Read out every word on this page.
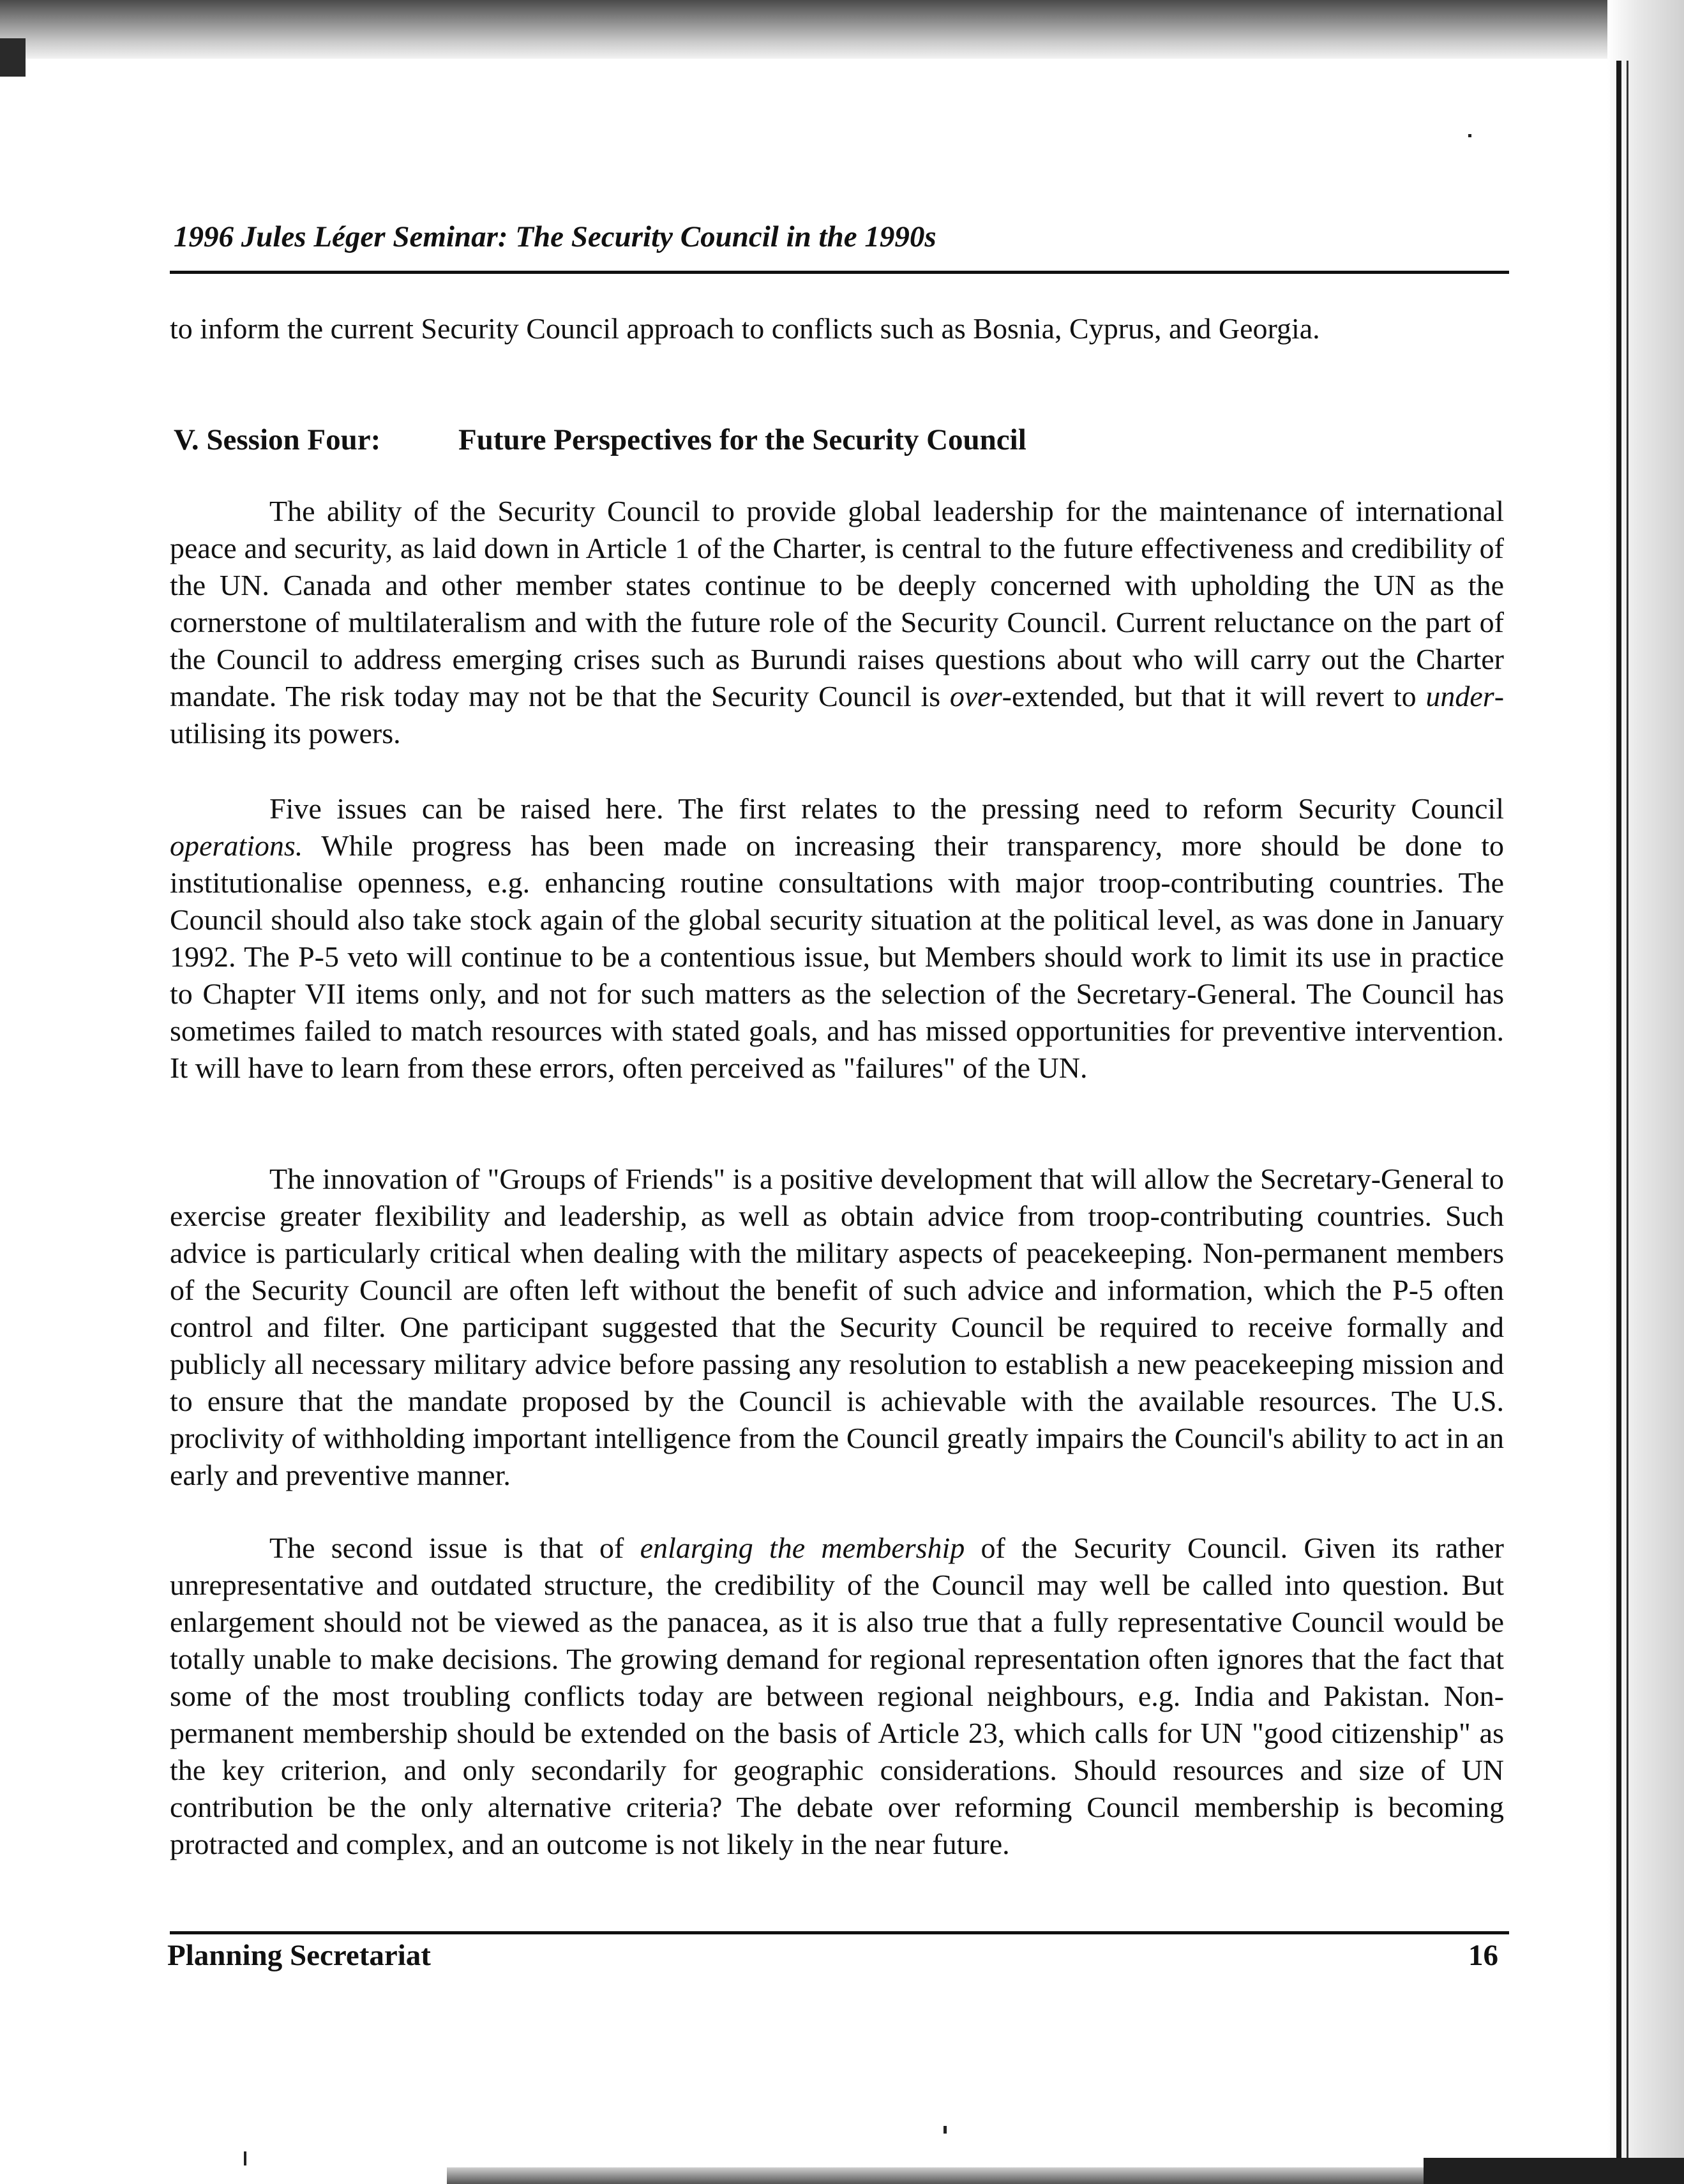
1996 Jules Léger Seminar: The Security Council in the 1990s

to inform the current Security Council approach to conflicts such as Bosnia, Cyprus, and Georgia.

V. Session Four:	Future Perspectives for the Security Council

The ability of the Security Council to provide global leadership for the maintenance of international peace and security, as laid down in Article 1 of the Charter, is central to the future effectiveness and credibility of the UN. Canada and other member states continue to be deeply concerned with upholding the UN as the cornerstone of multilateralism and with the future role of the Security Council. Current reluctance on the part of the Council to address emerging crises such as Burundi raises questions about who will carry out the Charter mandate. The risk today may not be that the Security Council is over-extended, but that it will revert to under-utilising its powers.

Five issues can be raised here. The first relates to the pressing need to reform Security Council operations. While progress has been made on increasing their transparency, more should be done to institutionalise openness, e.g. enhancing routine consultations with major troop-contributing countries. The Council should also take stock again of the global security situation at the political level, as was done in January 1992. The P-5 veto will continue to be a contentious issue, but Members should work to limit its use in practice to Chapter VII items only, and not for such matters as the selection of the Secretary-General. The Council has sometimes failed to match resources with stated goals, and has missed opportunities for preventive intervention. It will have to learn from these errors, often perceived as "failures" of the UN.

The innovation of "Groups of Friends" is a positive development that will allow the Secretary-General to exercise greater flexibility and leadership, as well as obtain advice from troop-contributing countries. Such advice is particularly critical when dealing with the military aspects of peacekeeping. Non-permanent members of the Security Council are often left without the benefit of such advice and information, which the P-5 often control and filter. One participant suggested that the Security Council be required to receive formally and publicly all necessary military advice before passing any resolution to establish a new peacekeeping mission and to ensure that the mandate proposed by the Council is achievable with the available resources. The U.S. proclivity of withholding important intelligence from the Council greatly impairs the Council's ability to act in an early and preventive manner.

The second issue is that of enlarging the membership of the Security Council. Given its rather unrepresentative and outdated structure, the credibility of the Council may well be called into question. But enlargement should not be viewed as the panacea, as it is also true that a fully representative Council would be totally unable to make decisions. The growing demand for regional representation often ignores that the fact that some of the most troubling conflicts today are between regional neighbours, e.g. India and Pakistan. Non-permanent membership should be extended on the basis of Article 23, which calls for UN "good citizenship" as the key criterion, and only secondarily for geographic considerations. Should resources and size of UN contribution be the only alternative criteria? The debate over reforming Council membership is becoming protracted and complex, and an outcome is not likely in the near future.

Planning Secretariat	16
